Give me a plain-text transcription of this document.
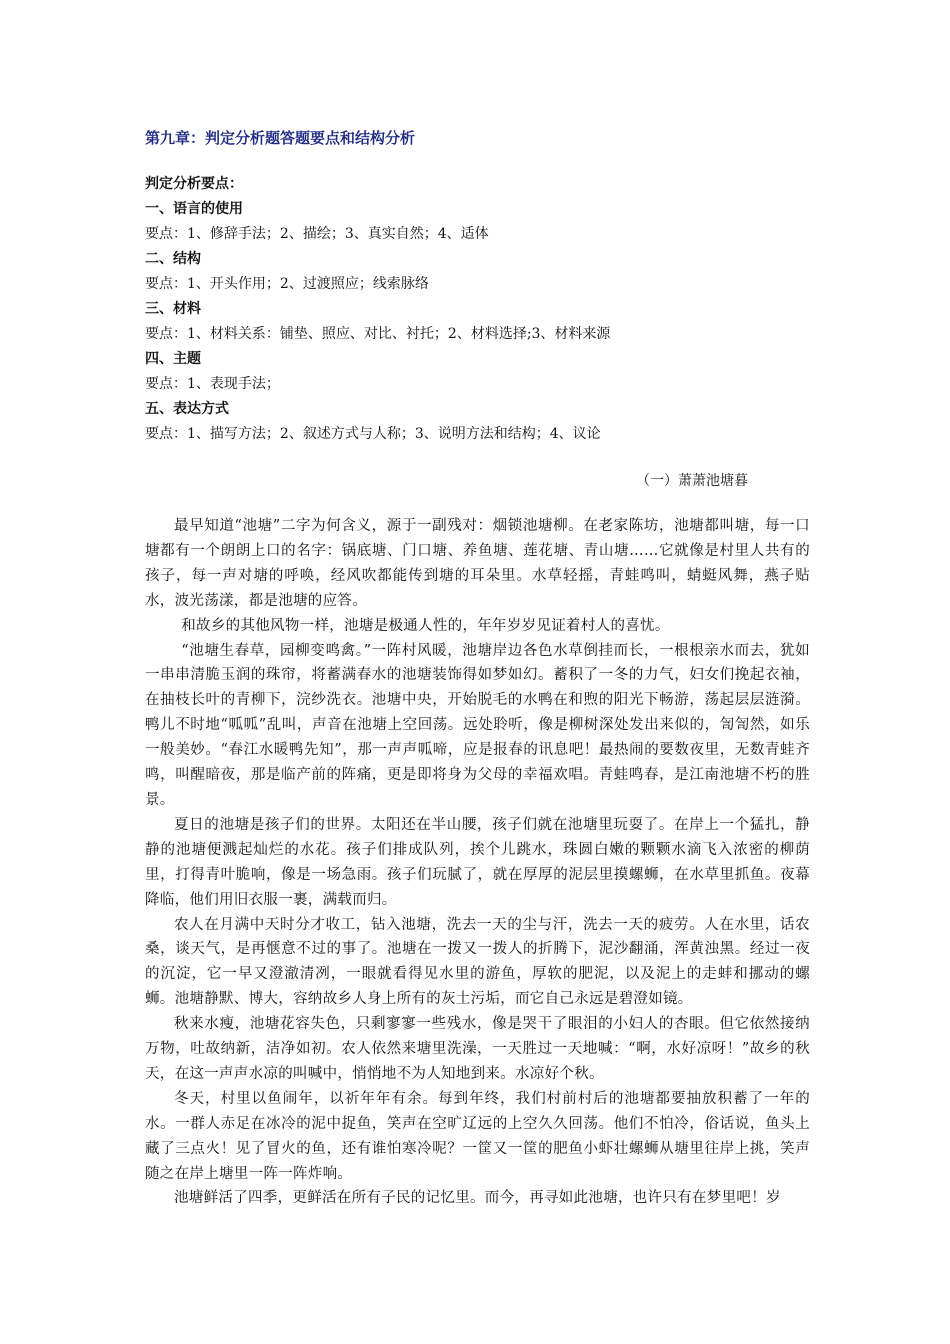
第九章：判定分析题答题要点和结构分析
判定分析要点：
一、语言的使用
要点：1、修辞手法；2、描绘；3、真实自然；4、适体
二、结构
要点：1、开头作用；2、过渡照应；线索脉络
三、材料
要点：1、材料关系：铺垫、照应、对比、衬托；2、材料选择;3、材料来源
四、主题
要点：1、表现手法；
五、表达方式
要点：1、描写方法；2、叙述方式与人称；3、说明方法和结构；4、议论
（一）萧萧池塘暮

最早知道“池塘”二字为何含义，源于一副残对：烟锁池塘柳。在老家陈坊，池塘都叫塘，每一口塘都有一个朗朗上口的名字：锅底塘、门口塘、养鱼塘、莲花塘、青山塘……它就像是村里人共有的孩子，每一声对塘的呼唤，经风吹都能传到塘的耳朵里。水草轻摇，青蛙鸣叫，蜻蜓风舞，燕子贴水，波光荡漾，都是池塘的应答。

和故乡的其他风物一样，池塘是极通人性的，年年岁岁见证着村人的喜忧。

“池塘生春草，园柳变鸣禽。”一阵村风暖，池塘岸边各色水草倒挂而长，一根根亲水而去，犹如一串串清脆玉润的珠帘，将蓄满春水的池塘装饰得如梦如幻。蓄积了一冬的力气，妇女们挽起衣袖，在抽枝长叶的青柳下，浣纱洗衣。池塘中央，开始脱毛的水鸭在和煦的阳光下畅游，荡起层层涟漪。鸭儿不时地“呱呱”乱叫，声音在池塘上空回荡。远处聆听，像是柳树深处发出来似的，訇訇然，如乐一般美妙。“春江水暖鸭先知”，那一声声呱啼，应是报春的讯息吧！最热闹的要数夜里，无数青蛙齐鸣，叫醒暗夜，那是临产前的阵痛，更是即将身为父母的幸福欢唱。青蛙鸣春，是江南池塘不朽的胜景。

夏日的池塘是孩子们的世界。太阳还在半山腰，孩子们就在池塘里玩耍了。在岸上一个猛扎，静静的池塘便溅起灿烂的水花。孩子们排成队列，挨个儿跳水，珠圆白嫩的颗颗水滴飞入浓密的柳荫里，打得青叶脆响，像是一场急雨。孩子们玩腻了，就在厚厚的泥层里摸螺蛳，在水草里抓鱼。夜幕降临，他们用旧衣服一裹，满载而归。

农人在月满中天时分才收工，钻入池塘，洗去一天的尘与汗，洗去一天的疲劳。人在水里，话农桑，谈天气，是再惬意不过的事了。池塘在一拨又一拨人的折腾下，泥沙翻涌，浑黄浊黑。经过一夜的沉淀，它一早又澄澈清冽，一眼就看得见水里的游鱼，厚软的肥泥，以及泥上的走蚌和挪动的螺蛳。池塘静默、博大，容纳故乡人身上所有的灰土污垢，而它自己永远是碧澄如镜。

秋来水瘦，池塘花容失色，只剩寥寥一些残水，像是哭干了眼泪的小妇人的杏眼。但它依然接纳万物，吐故纳新，洁净如初。农人依然来塘里洗澡，一天胜过一天地喊：“啊，水好凉呀！”故乡的秋天，在这一声声水凉的叫喊中，悄悄地不为人知地到来。水凉好个秋。

冬天，村里以鱼闹年，以祈年年有余。每到年终，我们村前村后的池塘都要抽放积蓄了一年的水。一群人赤足在冰冷的泥中捉鱼，笑声在空旷辽远的上空久久回荡。他们不怕冷，俗话说，鱼头上藏了三点火！见了冒火的鱼，还有谁怕寒冷呢？一筐又一筐的肥鱼小虾壮螺蛳从塘里往岸上挑，笑声随之在岸上塘里一阵一阵炸响。

池塘鲜活了四季，更鲜活在所有子民的记忆里。而今，再寻如此池塘，也许只有在梦里吧！岁
